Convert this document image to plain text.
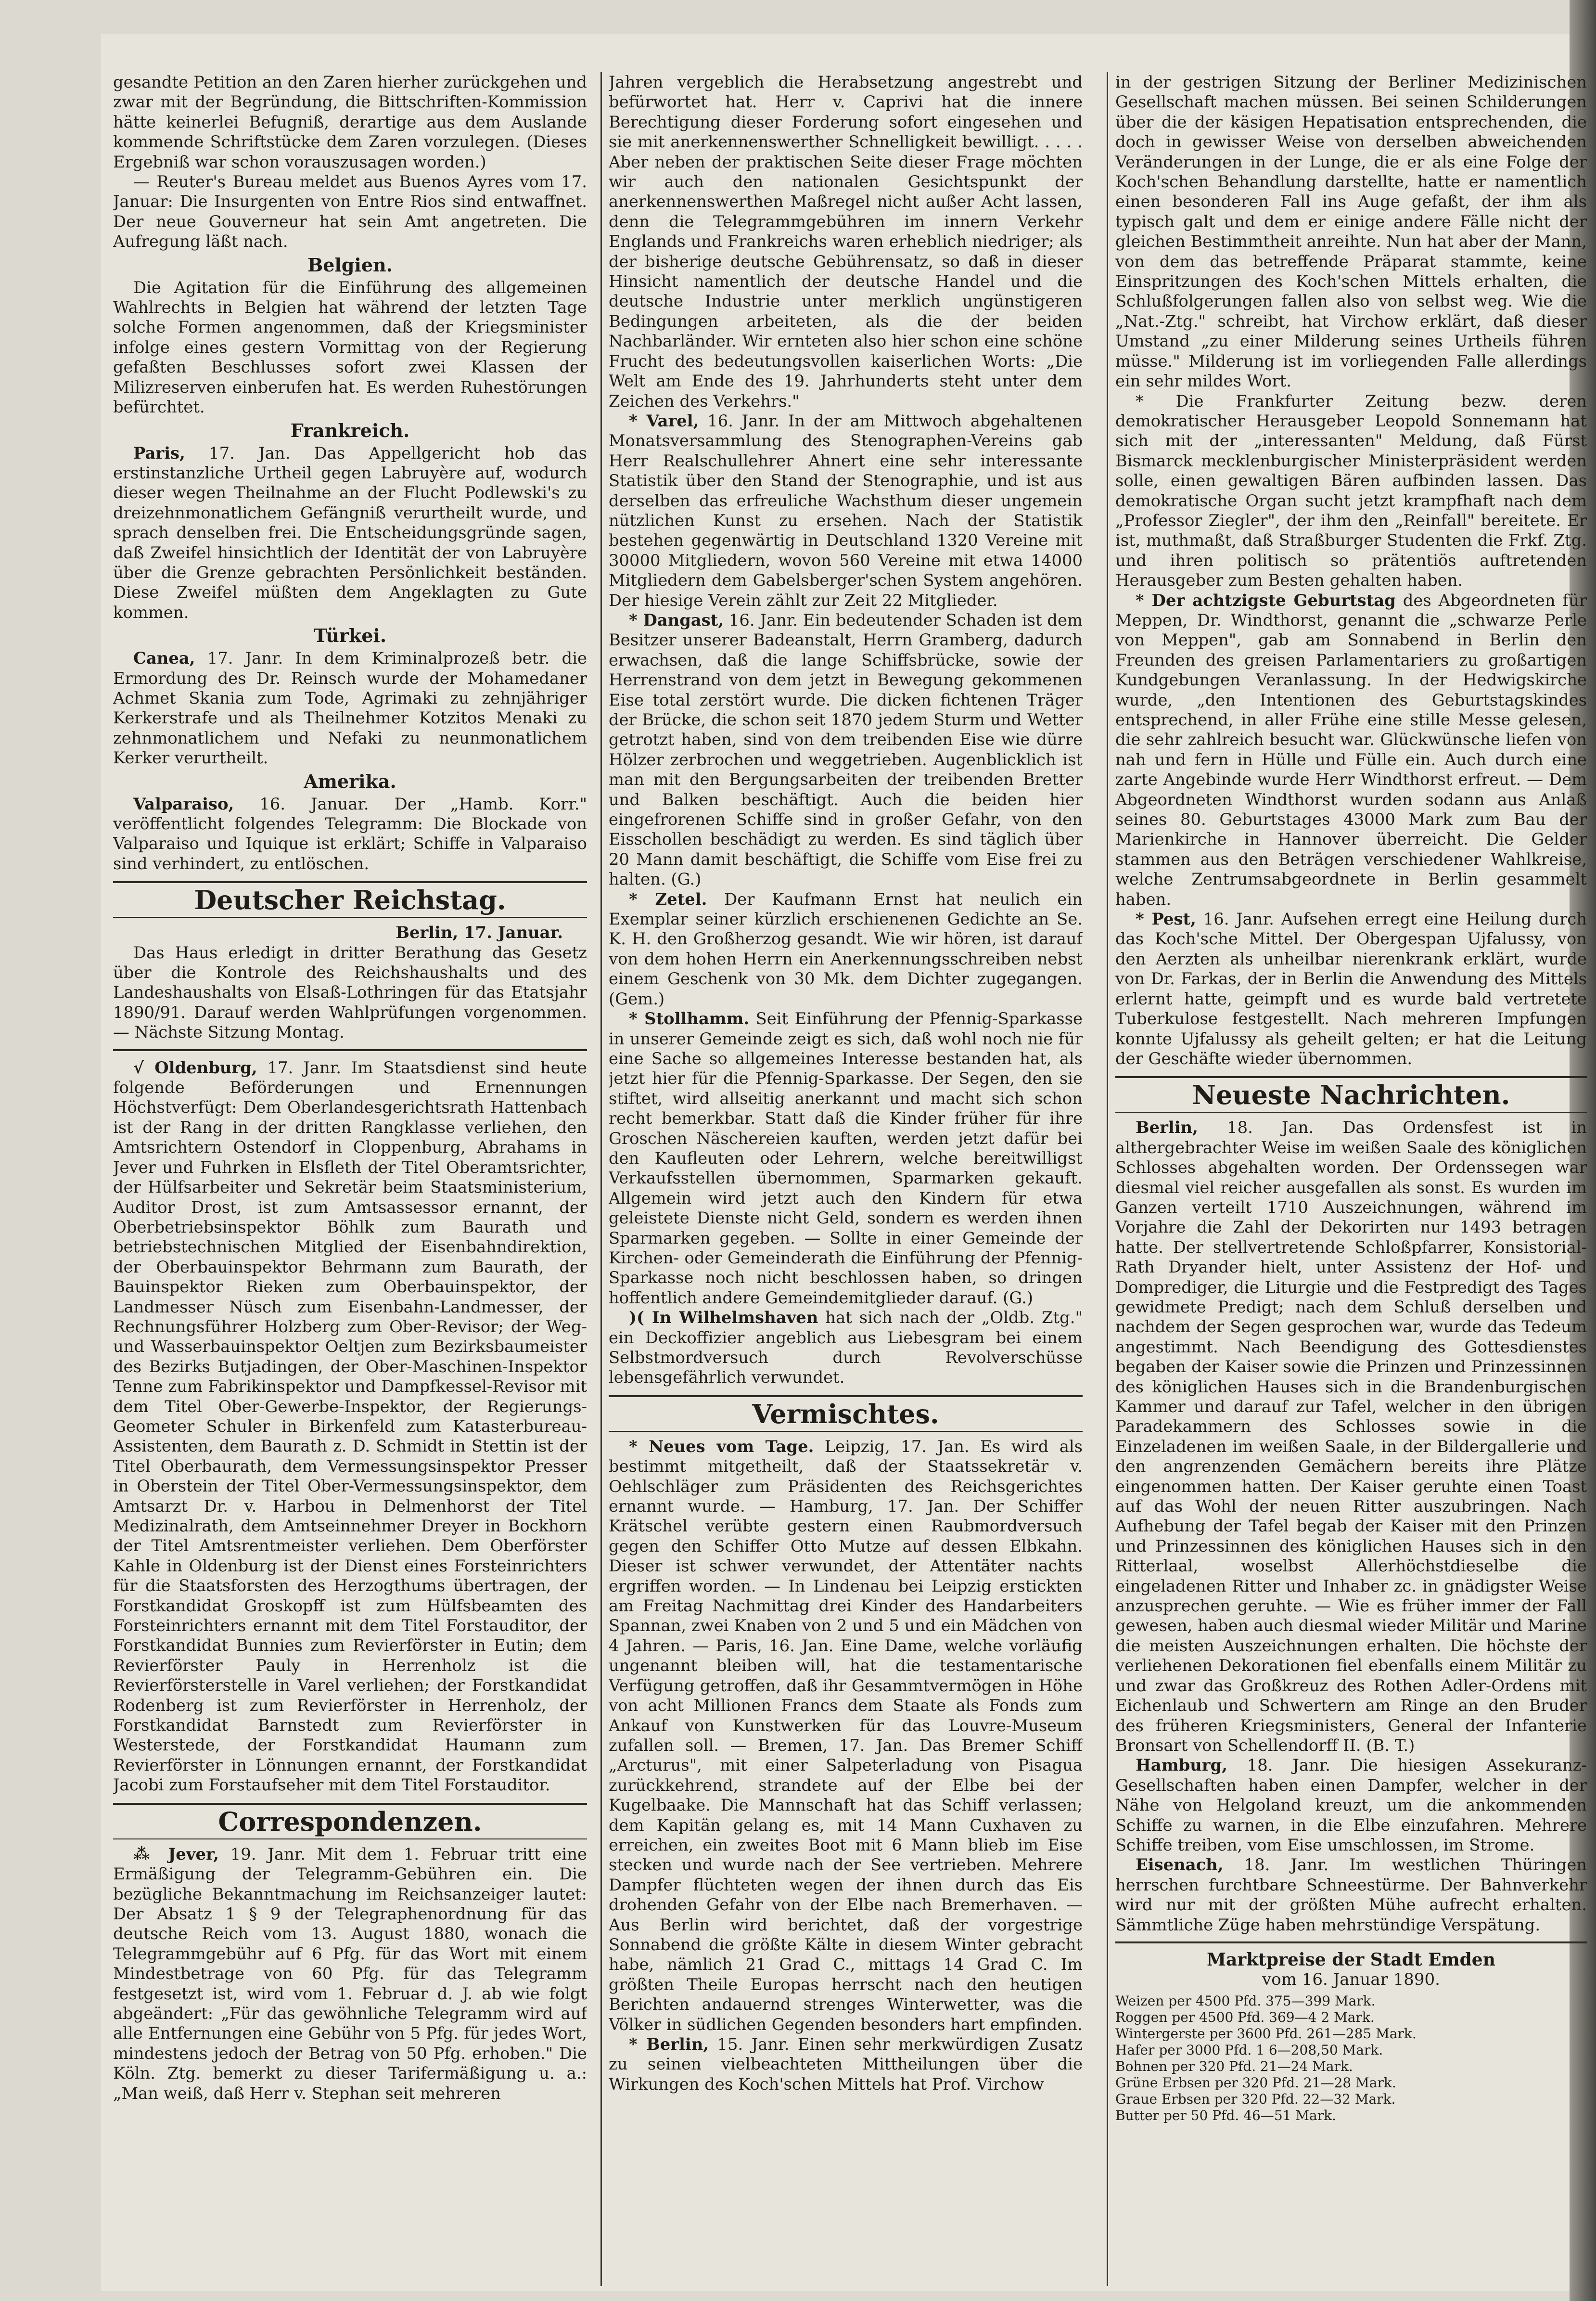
gesandte Petition an den Zaren hierher zurückgehen und zwar mit der Begründung, die Bittschriften-Kommission hätte keinerlei Befugniß, derartige aus dem Auslande kommende Schriftstücke dem Zaren vorzulegen. (Dieses Ergebniß war schon vorauszusagen worden.)

— Reuter's Bureau meldet aus Buenos Ayres vom 17. Januar: Die Insurgenten von Entre Rios sind entwaffnet. Der neue Gouverneur hat sein Amt angetreten. Die Aufregung läßt nach.

Belgien.

Die Agitation für die Einführung des allgemeinen Wahlrechts in Belgien hat während der letzten Tage solche Formen angenommen, daß der Kriegsminister infolge eines gestern Vormittag von der Regierung gefaßten Beschlusses sofort zwei Klassen der Milizreserven einberufen hat. Es werden Ruhestörungen befürchtet.

Frankreich.

Paris, 17. Jan. Das Appellgericht hob das erstinstanzliche Urtheil gegen Labruyère auf, wodurch dieser wegen Theilnahme an der Flucht Podlewski's zu dreizehnmonatlichem Gefängniß verurtheilt wurde, und sprach denselben frei. Die Entscheidungsgründe sagen, daß Zweifel hinsichtlich der Identität der von Labruyère über die Grenze gebrachten Persönlichkeit beständen. Diese Zweifel müßten dem Angeklagten zu Gute kommen.

Türkei.

Canea, 17. Janr. In dem Kriminalprozeß betr. die Ermordung des Dr. Reinsch wurde der Mohamedaner Achmet Skania zum Tode, Agrimaki zu zehnjähriger Kerkerstrafe und als Theilnehmer Kotzitos Menaki zu zehnmonatlichem und Nefaki zu neunmonatlichem Kerker verurtheilt.

Amerika.

Valparaiso, 16. Januar. Der „Hamb. Korr." veröffentlicht folgendes Telegramm: Die Blockade von Valparaiso und Iquique ist erklärt; Schiffe in Valparaiso sind verhindert, zu entlöschen.

Deutscher Reichstag.

Berlin, 17. Januar.

Das Haus erledigt in dritter Berathung das Gesetz über die Kontrole des Reichshaushalts und des Landeshaushalts von Elsaß-Lothringen für das Etatsjahr 1890/91. Darauf werden Wahlprüfungen vorgenommen. — Nächste Sitzung Montag.

√ Oldenburg, 17. Janr. Im Staatsdienst sind heute folgende Beförderungen und Ernennungen Höchstverfügt: Dem Oberlandesgerichtsrath Hattenbach ist der Rang in der dritten Rangklasse verliehen, den Amtsrichtern Ostendorf in Cloppenburg, Abrahams in Jever und Fuhrken in Elsfleth der Titel Oberamtsrichter, der Hülfsarbeiter und Sekretär beim Staatsministerium, Auditor Drost, ist zum Amtsassessor ernannt, der Oberbetriebsinspektor Böhlk zum Baurath und betriebstechnischen Mitglied der Eisenbahndirektion, der Oberbauinspektor Behrmann zum Baurath, der Bauinspektor Rieken zum Oberbauinspektor, der Landmesser Nüsch zum Eisenbahn-Landmesser, der Rechnungsführer Holzberg zum Ober-Revisor; der Weg- und Wasserbauinspektor Oeltjen zum Bezirksbaumeister des Bezirks Butjadingen, der Ober-Maschinen-Inspektor Tenne zum Fabrikinspektor und Dampfkessel-Revisor mit dem Titel Ober-Gewerbe-Inspektor, der Regierungs-Geometer Schuler in Birkenfeld zum Katasterbureau-Assistenten, dem Baurath z. D. Schmidt in Stettin ist der Titel Oberbaurath, dem Vermessungsinspektor Presser in Oberstein der Titel Ober-Vermessungsinspektor, dem Amtsarzt Dr. v. Harbou in Delmenhorst der Titel Medizinalrath, dem Amtseinnehmer Dreyer in Bockhorn der Titel Amtsrentmeister verliehen. Dem Oberförster Kahle in Oldenburg ist der Dienst eines Forsteinrichters für die Staatsforsten des Herzogthums übertragen, der Forstkandidat Groskopff ist zum Hülfsbeamten des Forsteinrichters ernannt mit dem Titel Forstauditor, der Forstkandidat Bunnies zum Revierförster in Eutin; dem Revierförster Pauly in Herrenholz ist die Revierförsterstelle in Varel verliehen; der Forstkandidat Rodenberg ist zum Revierförster in Herrenholz, der Forstkandidat Barnstedt zum Revierförster in Westerstede, der Forstkandidat Haumann zum Revierförster in Lönnungen ernannt, der Forstkandidat Jacobi zum Forstaufseher mit dem Titel Forstauditor.

Correspondenzen.

⁂ Jever, 19. Janr. Mit dem 1. Februar tritt eine Ermäßigung der Telegramm-Gebühren ein. Die bezügliche Bekanntmachung im Reichsanzeiger lautet: Der Absatz 1 § 9 der Telegraphenordnung für das deutsche Reich vom 13. August 1880, wonach die Telegrammgebühr auf 6 Pfg. für das Wort mit einem Mindestbetrage von 60 Pfg. für das Telegramm festgesetzt ist, wird vom 1. Februar d. J. ab wie folgt abgeändert: „Für das gewöhnliche Telegramm wird auf alle Entfernungen eine Gebühr von 5 Pfg. für jedes Wort, mindestens jedoch der Betrag von 50 Pfg. erhoben." Die Köln. Ztg. bemerkt zu dieser Tarifermäßigung u. a.: „Man weiß, daß Herr v. Stephan seit mehreren

Jahren vergeblich die Herabsetzung angestrebt und befürwortet hat. Herr v. Caprivi hat die innere Berechtigung dieser Forderung sofort eingesehen und sie mit anerkennenswerther Schnelligkeit bewilligt. . . . . Aber neben der praktischen Seite dieser Frage möchten wir auch den nationalen Gesichtspunkt der anerkennenswerthen Maßregel nicht außer Acht lassen, denn die Telegrammgebühren im innern Verkehr Englands und Frankreichs waren erheblich niedriger; als der bisherige deutsche Gebührensatz, so daß in dieser Hinsicht namentlich der deutsche Handel und die deutsche Industrie unter merklich ungünstigeren Bedingungen arbeiteten, als die der beiden Nachbarländer. Wir ernteten also hier schon eine schöne Frucht des bedeutungsvollen kaiserlichen Worts: „Die Welt am Ende des 19. Jahrhunderts steht unter dem Zeichen des Verkehrs."

* Varel, 16. Janr. In der am Mittwoch abgehaltenen Monatsversammlung des Stenographen-Vereins gab Herr Realschullehrer Ahnert eine sehr interessante Statistik über den Stand der Stenographie, und ist aus derselben das erfreuliche Wachsthum dieser ungemein nützlichen Kunst zu ersehen. Nach der Statistik bestehen gegenwärtig in Deutschland 1320 Vereine mit 30000 Mitgliedern, wovon 560 Vereine mit etwa 14000 Mitgliedern dem Gabelsberger'schen System angehören. Der hiesige Verein zählt zur Zeit 22 Mitglieder.

* Dangast, 16. Janr. Ein bedeutender Schaden ist dem Besitzer unserer Badeanstalt, Herrn Gramberg, dadurch erwachsen, daß die lange Schiffsbrücke, sowie der Herrenstrand von dem jetzt in Bewegung gekommenen Eise total zerstört wurde. Die dicken fichtenen Träger der Brücke, die schon seit 1870 jedem Sturm und Wetter getrotzt haben, sind von dem treibenden Eise wie dürre Hölzer zerbrochen und weggetrieben. Augenblicklich ist man mit den Bergungsarbeiten der treibenden Bretter und Balken beschäftigt. Auch die beiden hier eingefrorenen Schiffe sind in großer Gefahr, von den Eisschollen beschädigt zu werden. Es sind täglich über 20 Mann damit beschäftigt, die Schiffe vom Eise frei zu halten. (G.)

* Zetel. Der Kaufmann Ernst hat neulich ein Exemplar seiner kürzlich erschienenen Gedichte an Se. K. H. den Großherzog gesandt. Wie wir hören, ist darauf von dem hohen Herrn ein Anerkennungsschreiben nebst einem Geschenk von 30 Mk. dem Dichter zugegangen. (Gem.)

* Stollhamm. Seit Einführung der Pfennig-Sparkasse in unserer Gemeinde zeigt es sich, daß wohl noch nie für eine Sache so allgemeines Interesse bestanden hat, als jetzt hier für die Pfennig-Sparkasse. Der Segen, den sie stiftet, wird allseitig anerkannt und macht sich schon recht bemerkbar. Statt daß die Kinder früher für ihre Groschen Näschereien kauften, werden jetzt dafür bei den Kaufleuten oder Lehrern, welche bereitwilligst Verkaufsstellen übernommen, Sparmarken gekauft. Allgemein wird jetzt auch den Kindern für etwa geleistete Dienste nicht Geld, sondern es werden ihnen Sparmarken gegeben. — Sollte in einer Gemeinde der Kirchen- oder Gemeinderath die Einführung der Pfennig-Sparkasse noch nicht beschlossen haben, so dringen hoffentlich andere Gemeindemitglieder darauf. (G.)

)( In Wilhelmshaven hat sich nach der „Oldb. Ztg." ein Deckoffizier angeblich aus Liebesgram bei einem Selbstmordversuch durch Revolverschüsse lebensgefährlich verwundet.

Vermischtes.

* Neues vom Tage. Leipzig, 17. Jan. Es wird als bestimmt mitgetheilt, daß der Staatssekretär v. Oehlschläger zum Präsidenten des Reichsgerichtes ernannt wurde. — Hamburg, 17. Jan. Der Schiffer Krätschel verübte gestern einen Raubmordversuch gegen den Schiffer Otto Mutze auf dessen Elbkahn. Dieser ist schwer verwundet, der Attentäter nachts ergriffen worden. — In Lindenau bei Leipzig erstickten am Freitag Nachmittag drei Kinder des Handarbeiters Spannan, zwei Knaben von 2 und 5 und ein Mädchen von 4 Jahren. — Paris, 16. Jan. Eine Dame, welche vorläufig ungenannt bleiben will, hat die testamentarische Verfügung getroffen, daß ihr Gesammtvermögen in Höhe von acht Millionen Francs dem Staate als Fonds zum Ankauf von Kunstwerken für das Louvre-Museum zufallen soll. — Bremen, 17. Jan. Das Bremer Schiff „Arcturus", mit einer Salpeterladung von Pisagua zurückkehrend, strandete auf der Elbe bei der Kugelbaake. Die Mannschaft hat das Schiff verlassen; dem Kapitän gelang es, mit 14 Mann Cuxhaven zu erreichen, ein zweites Boot mit 6 Mann blieb im Eise stecken und wurde nach der See vertrieben. Mehrere Dampfer flüchteten wegen der ihnen durch das Eis drohenden Gefahr von der Elbe nach Bremerhaven. — Aus Berlin wird berichtet, daß der vorgestrige Sonnabend die größte Kälte in diesem Winter gebracht habe, nämlich 21 Grad C., mittags 14 Grad C. Im größten Theile Europas herrscht nach den heutigen Berichten andauernd strenges Winterwetter, was die Völker in südlichen Gegenden besonders hart empfinden.

* Berlin, 15. Janr. Einen sehr merkwürdigen Zusatz zu seinen vielbeachteten Mittheilungen über die Wirkungen des Koch'schen Mittels hat Prof. Virchow

in der gestrigen Sitzung der Berliner Medizinischen Gesellschaft machen müssen. Bei seinen Schilderungen über die der käsigen Hepatisation entsprechenden, die doch in gewisser Weise von derselben abweichenden Veränderungen in der Lunge, die er als eine Folge der Koch'schen Behandlung darstellte, hatte er namentlich einen besonderen Fall ins Auge gefaßt, der ihm als typisch galt und dem er einige andere Fälle nicht der gleichen Bestimmtheit anreihte. Nun hat aber der Mann, von dem das betreffende Präparat stammte, keine Einspritzungen des Koch'schen Mittels erhalten, die Schlußfolgerungen fallen also von selbst weg. Wie die „Nat.-Ztg." schreibt, hat Virchow erklärt, daß dieser Umstand „zu einer Milderung seines Urtheils führen müsse." Milderung ist im vorliegenden Falle allerdings ein sehr mildes Wort.

* Die Frankfurter Zeitung bezw. deren demokratischer Herausgeber Leopold Sonnemann hat sich mit der „interessanten" Meldung, daß Fürst Bismarck mecklenburgischer Ministerpräsident werden solle, einen gewaltigen Bären aufbinden lassen. Das demokratische Organ sucht jetzt krampfhaft nach dem „Professor Ziegler", der ihm den „Reinfall" bereitete. Er ist, muthmaßt, daß Straßburger Studenten die Frkf. Ztg. und ihren politisch so prätentiös auftretenden Herausgeber zum Besten gehalten haben.

* Der achtzigste Geburtstag des Abgeordneten für Meppen, Dr. Windthorst, genannt die „schwarze Perle von Meppen", gab am Sonnabend in Berlin den Freunden des greisen Parlamentariers zu großartigen Kundgebungen Veranlassung. In der Hedwigskirche wurde, „den Intentionen des Geburtstagskindes entsprechend, in aller Frühe eine stille Messe gelesen, die sehr zahlreich besucht war. Glückwünsche liefen von nah und fern in Hülle und Fülle ein. Auch durch eine zarte Angebinde wurde Herr Windthorst erfreut. — Dem Abgeordneten Windthorst wurden sodann aus Anlaß seines 80. Geburtstages 43000 Mark zum Bau der Marienkirche in Hannover überreicht. Die Gelder stammen aus den Beträgen verschiedener Wahlkreise, welche Zentrumsabgeordnete in Berlin gesammelt haben.

* Pest, 16. Janr. Aufsehen erregt eine Heilung durch das Koch'sche Mittel. Der Obergespan Ujfalussy, von den Aerzten als unheilbar nierenkrank erklärt, wurde von Dr. Farkas, der in Berlin die Anwendung des Mittels erlernt hatte, geimpft und es wurde bald vertretete Tuberkulose festgestellt. Nach mehreren Impfungen konnte Ujfalussy als geheilt gelten; er hat die Leitung der Geschäfte wieder übernommen.

Neueste Nachrichten.

Berlin, 18. Jan. Das Ordensfest ist in althergebrachter Weise im weißen Saale des königlichen Schlosses abgehalten worden. Der Ordenssegen war diesmal viel reicher ausgefallen als sonst. Es wurden im Ganzen verteilt 1710 Auszeichnungen, während im Vorjahre die Zahl der Dekorirten nur 1493 betragen hatte. Der stellvertretende Schloßpfarrer, Konsistorial-Rath Dryander hielt, unter Assistenz der Hof- und Domprediger, die Liturgie und die Festpredigt des Tages gewidmete Predigt; nach dem Schluß derselben und nachdem der Segen gesprochen war, wurde das Tedeum angestimmt. Nach Beendigung des Gottesdienstes begaben der Kaiser sowie die Prinzen und Prinzessinnen des königlichen Hauses sich in die Brandenburgischen Kammer und darauf zur Tafel, welcher in den übrigen Paradekammern des Schlosses sowie in die Einzeladenen im weißen Saale, in der Bildergallerie und den angrenzenden Gemächern bereits ihre Plätze eingenommen hatten. Der Kaiser geruhte einen Toast auf das Wohl der neuen Ritter auszubringen. Nach Aufhebung der Tafel begab der Kaiser mit den Prinzen und Prinzessinnen des königlichen Hauses sich in den Ritterlaal, woselbst Allerhöchstdieselbe die eingeladenen Ritter und Inhaber zc. in gnädigster Weise anzusprechen geruhte. — Wie es früher immer der Fall gewesen, haben auch diesmal wieder Militär und Marine die meisten Auszeichnungen erhalten. Die höchste der verliehenen Dekorationen fiel ebenfalls einem Militär zu und zwar das Großkreuz des Rothen Adler-Ordens mit Eichenlaub und Schwertern am Ringe an den Bruder des früheren Kriegsministers, General der Infanterie Bronsart von Schellendorff II. (B. T.)

Hamburg, 18. Janr. Die hiesigen Assekuranz-Gesellschaften haben einen Dampfer, welcher in der Nähe von Helgoland kreuzt, um die ankommenden Schiffe zu warnen, in die Elbe einzufahren. Mehrere Schiffe treiben, vom Eise umschlossen, im Strome.

Eisenach, 18. Janr. Im westlichen Thüringen herrschen furchtbare Schneestürme. Der Bahnverkehr wird nur mit der größten Mühe aufrecht erhalten. Sämmtliche Züge haben mehrstündige Verspätung.

Marktpreise der Stadt Emden
vom 16. Januar 1890.
Weizen per 4500 Pfd. 375—399 Mark.
Roggen per 4500 Pfd. 369—4 2 Mark.
Wintergerste per 3600 Pfd. 261—285 Mark.
Hafer per 3000 Pfd. 1 6—208,50 Mark.
Bohnen per 320 Pfd. 21—24 Mark.
Grüne Erbsen per 320 Pfd. 21—28 Mark.
Graue Erbsen per 320 Pfd. 22—32 Mark.
Butter per 50 Pfd. 46—51 Mark.
